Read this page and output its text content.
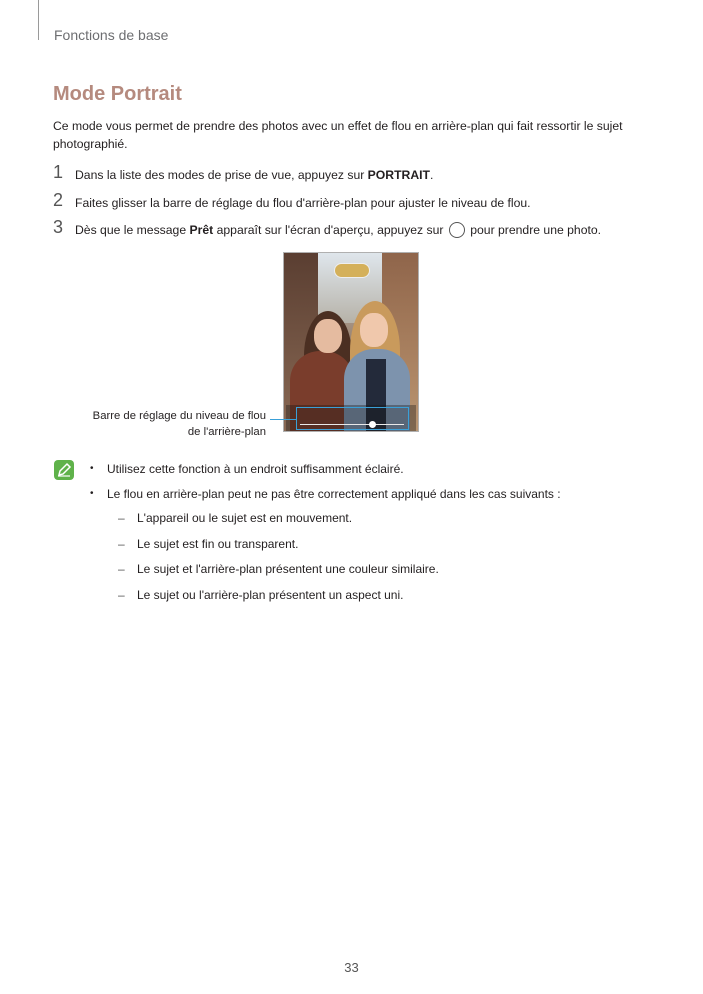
Fonctions de base
Mode Portrait

Ce mode vous permet de prendre des photos avec un effet de flou en arrière-plan qui fait ressortir le sujet photographié.

1 Dans la liste des modes de prise de vue, appuyez sur PORTRAIT.
2 Faites glisser la barre de réglage du flou d'arrière-plan pour ajuster le niveau de flou.
3 Dès que le message Prêt apparaît sur l'écran d'aperçu, appuyez sur  pour prendre une photo.
Barre de réglage du niveau de flou
de l'arrière-plan
• Utilisez cette fonction à un endroit suffisamment éclairé.
• Le flou en arrière-plan peut ne pas être correctement appliqué dans les cas suivants :
– L'appareil ou le sujet est en mouvement.
– Le sujet est fin ou transparent.
– Le sujet et l'arrière-plan présentent une couleur similaire.
– Le sujet ou l'arrière-plan présentent un aspect uni.
33
